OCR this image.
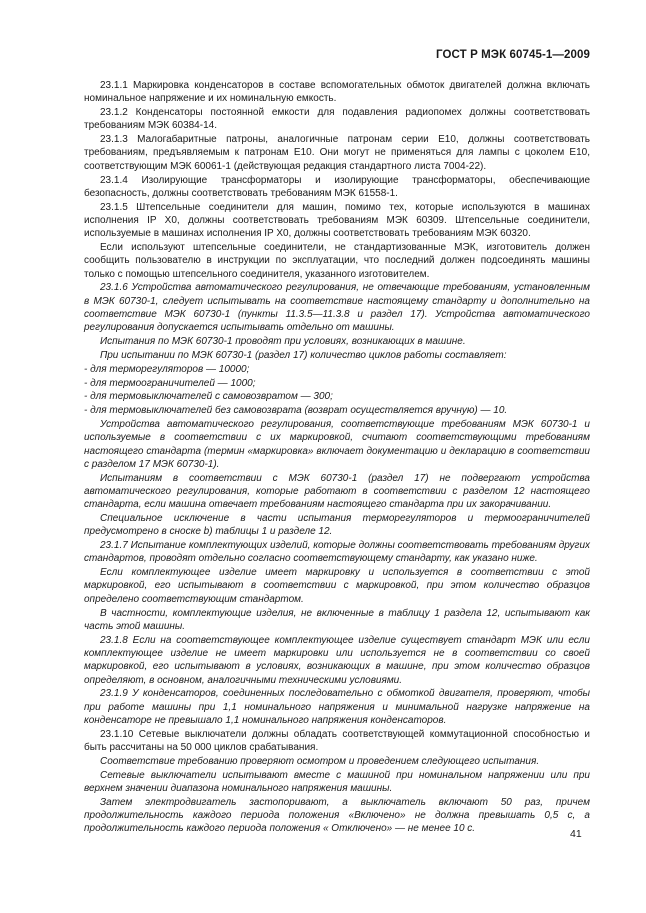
ГОСТ Р МЭК 60745-1—2009

23.1.1 Маркировка конденсаторов в составе вспомогательных обмоток двигателей должна включать номинальное напряжение и их номинальную емкость.

23.1.2 Конденсаторы постоянной емкости для подавления радиопомех должны соответствовать требованиям МЭК 60384-14.

23.1.3 Малогабаритные патроны, аналогичные патронам серии Е10, должны соответствовать требованиям, предъявляемым к патронам Е10. Они могут не применяться для лампы с цоколем Е10, соответствующим МЭК 60061-1 (действующая редакция стандартного листа 7004-22).

23.1.4 Изолирующие трансформаторы и изолирующие трансформаторы, обеспечивающие безопасность, должны соответствовать требованиям МЭК 61558-1.

23.1.5 Штепсельные соединители для машин, помимо тех, которые используются в машинах исполнения IP X0, должны соответствовать требованиям МЭК 60309. Штепсельные соединители, используемые в машинах исполнения IP X0, должны соответствовать требованиям МЭК 60320.

Если используют штепсельные соединители, не стандартизованные МЭК, изготовитель должен сообщить пользователю в инструкции по эксплуатации, что последний должен подсоединять машины только с помощью штепсельного соединителя, указанного изготовителем.

23.1.6 Устройства автоматического регулирования, не отвечающие требованиям, установленным в МЭК 60730-1, следует испытывать на соответствие настоящему стандарту и дополнительно на соответствие МЭК 60730-1 (пункты 11.3.5—11.3.8 и раздел 17). Устройства автоматического регулирования допускается испытывать отдельно от машины.

Испытания по МЭК 60730-1 проводят при условиях, возникающих в машине.

При испытании по МЭК 60730-1 (раздел 17) количество циклов работы составляет:

- для терморегуляторов — 10000;

- для термоограничителей — 1000;

- для термовыключателей с самовозвратом — 300;

- для термовыключателей без самовозврата (возврат осуществляется вручную) — 10.

Устройства автоматического регулирования, соответствующие требованиям МЭК 60730-1 и используемые в соответствии с их маркировкой, считают соответствующими требованиям настоящего стандарта (термин «маркировка» включает документацию и декларацию в соответствии с разделом 17 МЭК 60730-1).

Испытаниям в соответствии с МЭК 60730-1 (раздел 17) не подвергают устройства автоматического регулирования, которые работают в соответствии с разделом 12 настоящего стандарта, если машина отвечает требованиям настоящего стандарта при их закорачивании.

Специальное исключение в части испытания терморегуляторов и термоограничителей предусмотрено в сноске b) таблицы 1 и разделе 12.

23.1.7 Испытание комплектующих изделий, которые должны соответствовать требованиям других стандартов, проводят отдельно согласно соответствующему стандарту, как указано ниже.

Если комплектующее изделие имеет маркировку и используется в соответствии с этой маркировкой, его испытывают в соответствии с маркировкой, при этом количество образцов определено соответствующим стандартом.

В частности, комплектующие изделия, не включенные в таблицу 1 раздела 12, испытывают как часть этой машины.

23.1.8 Если на соответствующее комплектующее изделие существует стандарт МЭК или если комплектующее изделие не имеет маркировки или используется не в соответствии со своей маркировкой, его испытывают в условиях, возникающих в машине, при этом количество образцов определяют, в основном, аналогичными техническими условиями.

23.1.9 У конденсаторов, соединенных последовательно с обмоткой двигателя, проверяют, чтобы при работе машины при 1,1 номинального напряжения и минимальной нагрузке напряжение на конденсаторе не превышало 1,1 номинального напряжения конденсаторов.

23.1.10 Сетевые выключатели должны обладать соответствующей коммутационной способностью и быть рассчитаны на 50 000 циклов срабатывания.

Соответствие требованию проверяют осмотром и проведением следующего испытания.

Сетевые выключатели испытывают вместе с машиной при номинальном напряжении или при верхнем значении диапазона номинального напряжения машины.

Затем электродвигатель застопоривают, а выключатель включают 50 раз, причем продолжительность каждого периода положения «Включено» не должна превышать 0,5 с, а продолжительность каждого периода положения « Отключено» — не менее 10 с.	41
